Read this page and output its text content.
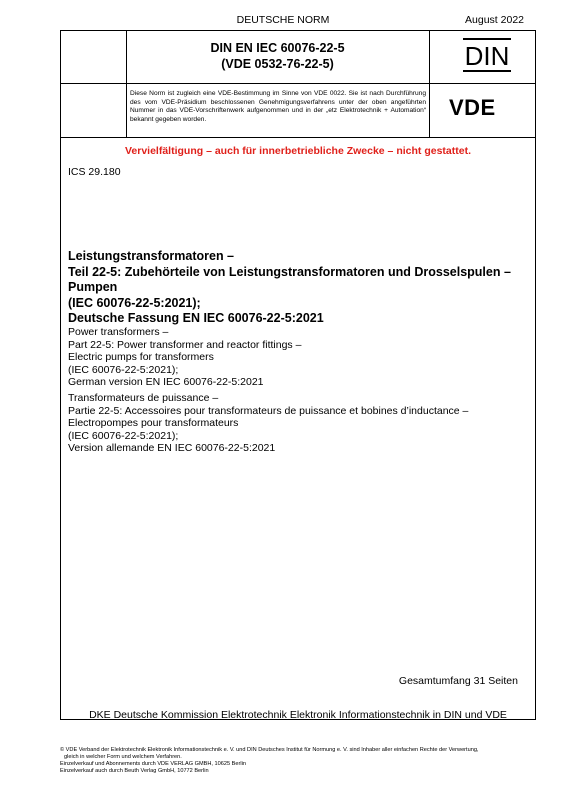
DEUTSCHE NORM	August 2022
DIN EN IEC 60076-22-5
(VDE 0532-76-22-5)	DIN
Diese Norm ist zugleich eine VDE-Bestimmung im Sinne von VDE 0022. Sie ist nach Durchführung des vom VDE-Präsidium beschlossenen Genehmigungsverfahrens unter der oben angeführten Nummer in das VDE-Vorschriftenwerk aufgenommen und in der „etz Elektrotechnik + Automation“ bekannt gegeben worden.	VDE
Vervielfältigung – auch für innerbetriebliche Zwecke – nicht gestattet.
ICS 29.180
Leistungstransformatoren –
Teil 22-5: Zubehörteile von Leistungstransformatoren und Drosselspulen –
Pumpen
(IEC 60076-22-5:2021);
Deutsche Fassung EN IEC 60076-22-5:2021
Power transformers –
Part 22-5: Power transformer and reactor fittings –
Electric pumps for transformers
(IEC 60076-22-5:2021);
German version EN IEC 60076-22-5:2021
Transformateurs de puissance –
Partie 22-5: Accessoires pour transformateurs de puissance et bobines d’inductance –
Electropompes pour transformateurs
(IEC 60076-22-5:2021);
Version allemande EN IEC 60076-22-5:2021
Gesamtumfang 31 Seiten
DKE Deutsche Kommission Elektrotechnik Elektronik Informationstechnik in DIN und VDE
© VDE Verband der Elektrotechnik Elektronik Informationstechnik e. V. und DIN Deutsches Institut für Normung e. V. sind Inhaber aller einfachen Rechte der Verwertung,
gleich in welcher Form und welchem Verfahren.
Einzelverkauf und Abonnements durch VDE VERLAG GMBH, 10625 Berlin
Einzelverkauf auch durch Beuth Verlag GmbH, 10772 Berlin
